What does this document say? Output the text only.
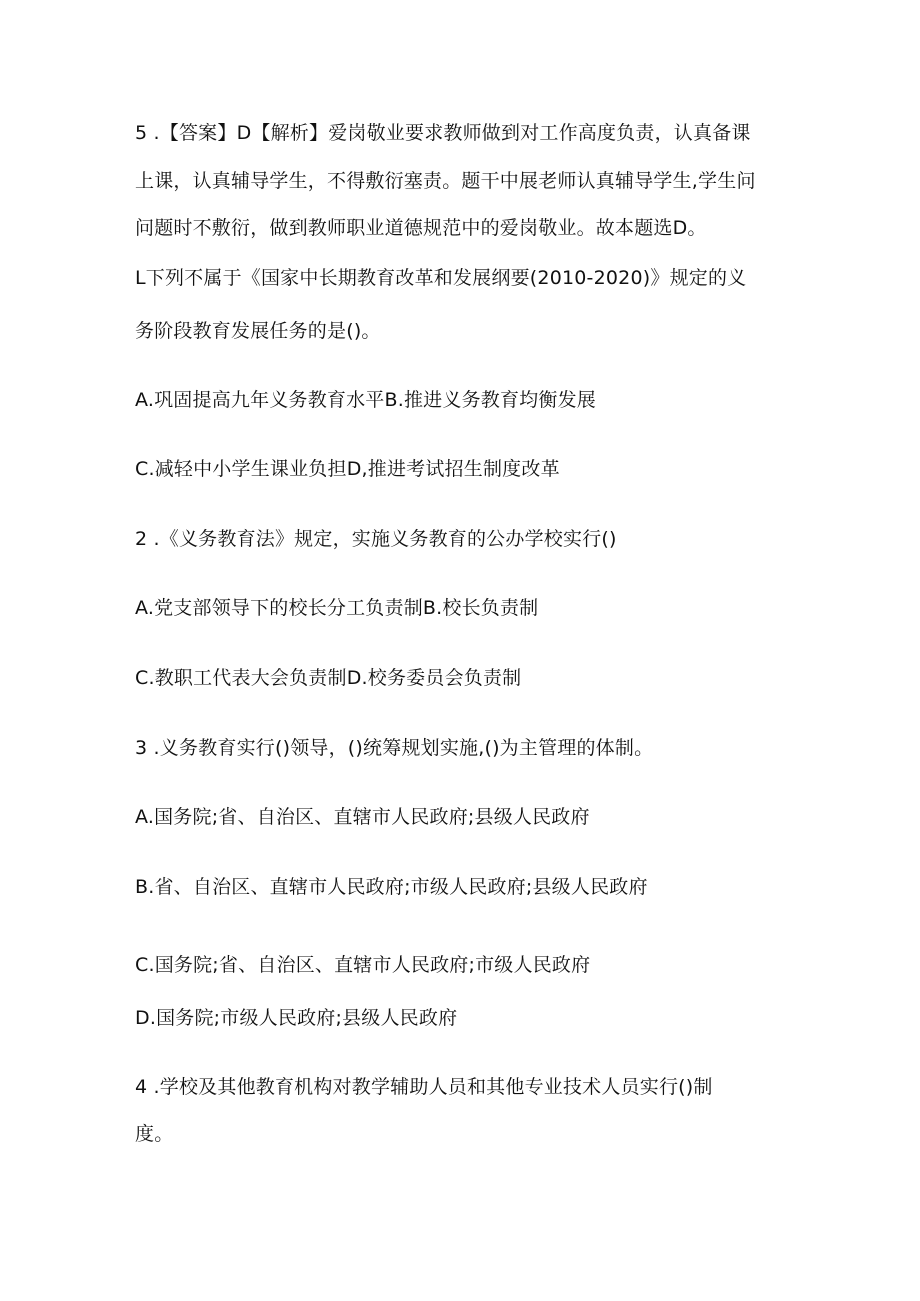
5 .【答案】D【解析】爱岗敬业要求教师做到对工作高度负责，认真备课
上课，认真辅导学生，不得敷衍塞责。题干中展老师认真辅导学生,学生问
问题时不敷衍，做到教师职业道德规范中的爱岗敬业。故本题选D。
L下列不属于《国家中长期教育改革和发展纲要(2010-2020)》规定的义
务阶段教育发展任务的是()。
A.巩固提高九年义务教育水平B.推进义务教育均衡发展
C.减轻中小学生课业负担D,推进考试招生制度改革
2 .《义务教育法》规定，实施义务教育的公办学校实行()
A.党支部领导下的校长分工负责制B.校长负责制
C.教职工代表大会负责制D.校务委员会负责制
3 .义务教育实行()领导，()统筹规划实施,()为主管理的体制。
A.国务院;省、自治区、直辖市人民政府;县级人民政府
B.省、自治区、直辖市人民政府;市级人民政府;县级人民政府
C.国务院;省、自治区、直辖市人民政府;市级人民政府
D.国务院;市级人民政府;县级人民政府
4 .学校及其他教育机构对教学辅助人员和其他专业技术人员实行()制
度。
